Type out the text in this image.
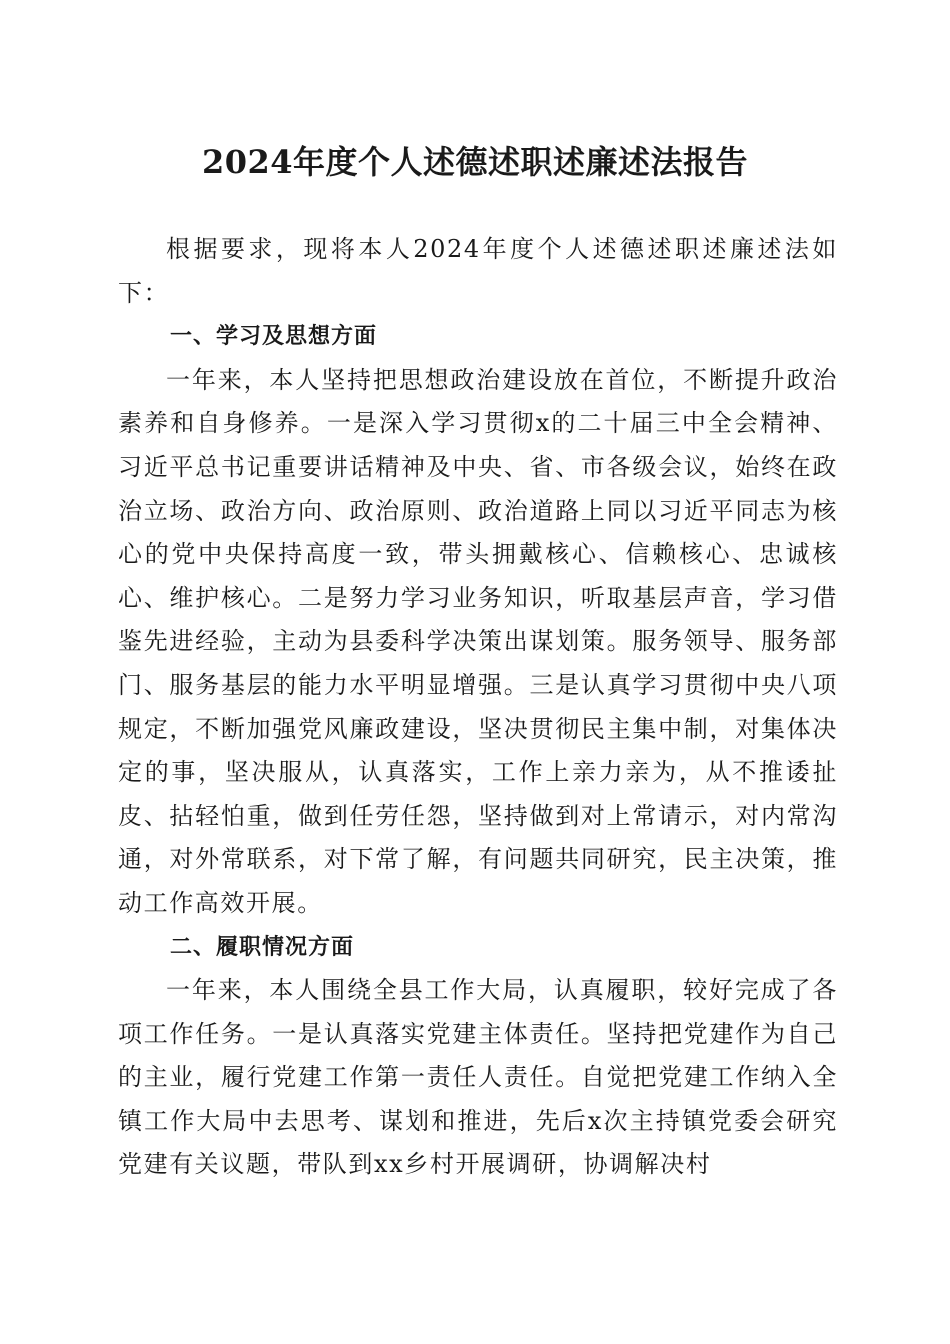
2024年度个人述德述职述廉述法报告

根据要求，现将本人2024年度个人述德述职述廉述法如下：

一、学习及思想方面

一年来，本人坚持把思想政治建设放在首位，不断提升政治素养和自身修养。一是深入学习贯彻x的二十届三中全会精神、习近平总书记重要讲话精神及中央、省、市各级会议，始终在政治立场、政治方向、政治原则、政治道路上同以习近平同志为核心的党中央保持高度一致，带头拥戴核心、信赖核心、忠诚核心、维护核心。二是努力学习业务知识，听取基层声音，学习借鉴先进经验，主动为县委科学决策出谋划策。服务领导、服务部门、服务基层的能力水平明显增强。三是认真学习贯彻中央八项规定，不断加强党风廉政建设，坚决贯彻民主集中制，对集体决定的事，坚决服从，认真落实，工作上亲力亲为，从不推诿扯皮、拈轻怕重，做到任劳任怨，坚持做到对上常请示，对内常沟通，对外常联系，对下常了解，有问题共同研究，民主决策，推动工作高效开展。

二、履职情况方面

一年来，本人围绕全县工作大局，认真履职，较好完成了各项工作任务。一是认真落实党建主体责任。坚持把党建作为自己的主业，履行党建工作第一责任人责任。自觉把党建工作纳入全镇工作大局中去思考、谋划和推进，先后x次主持镇党委会研究党建有关议题，带队到xx乡村开展调研，协调解决村
